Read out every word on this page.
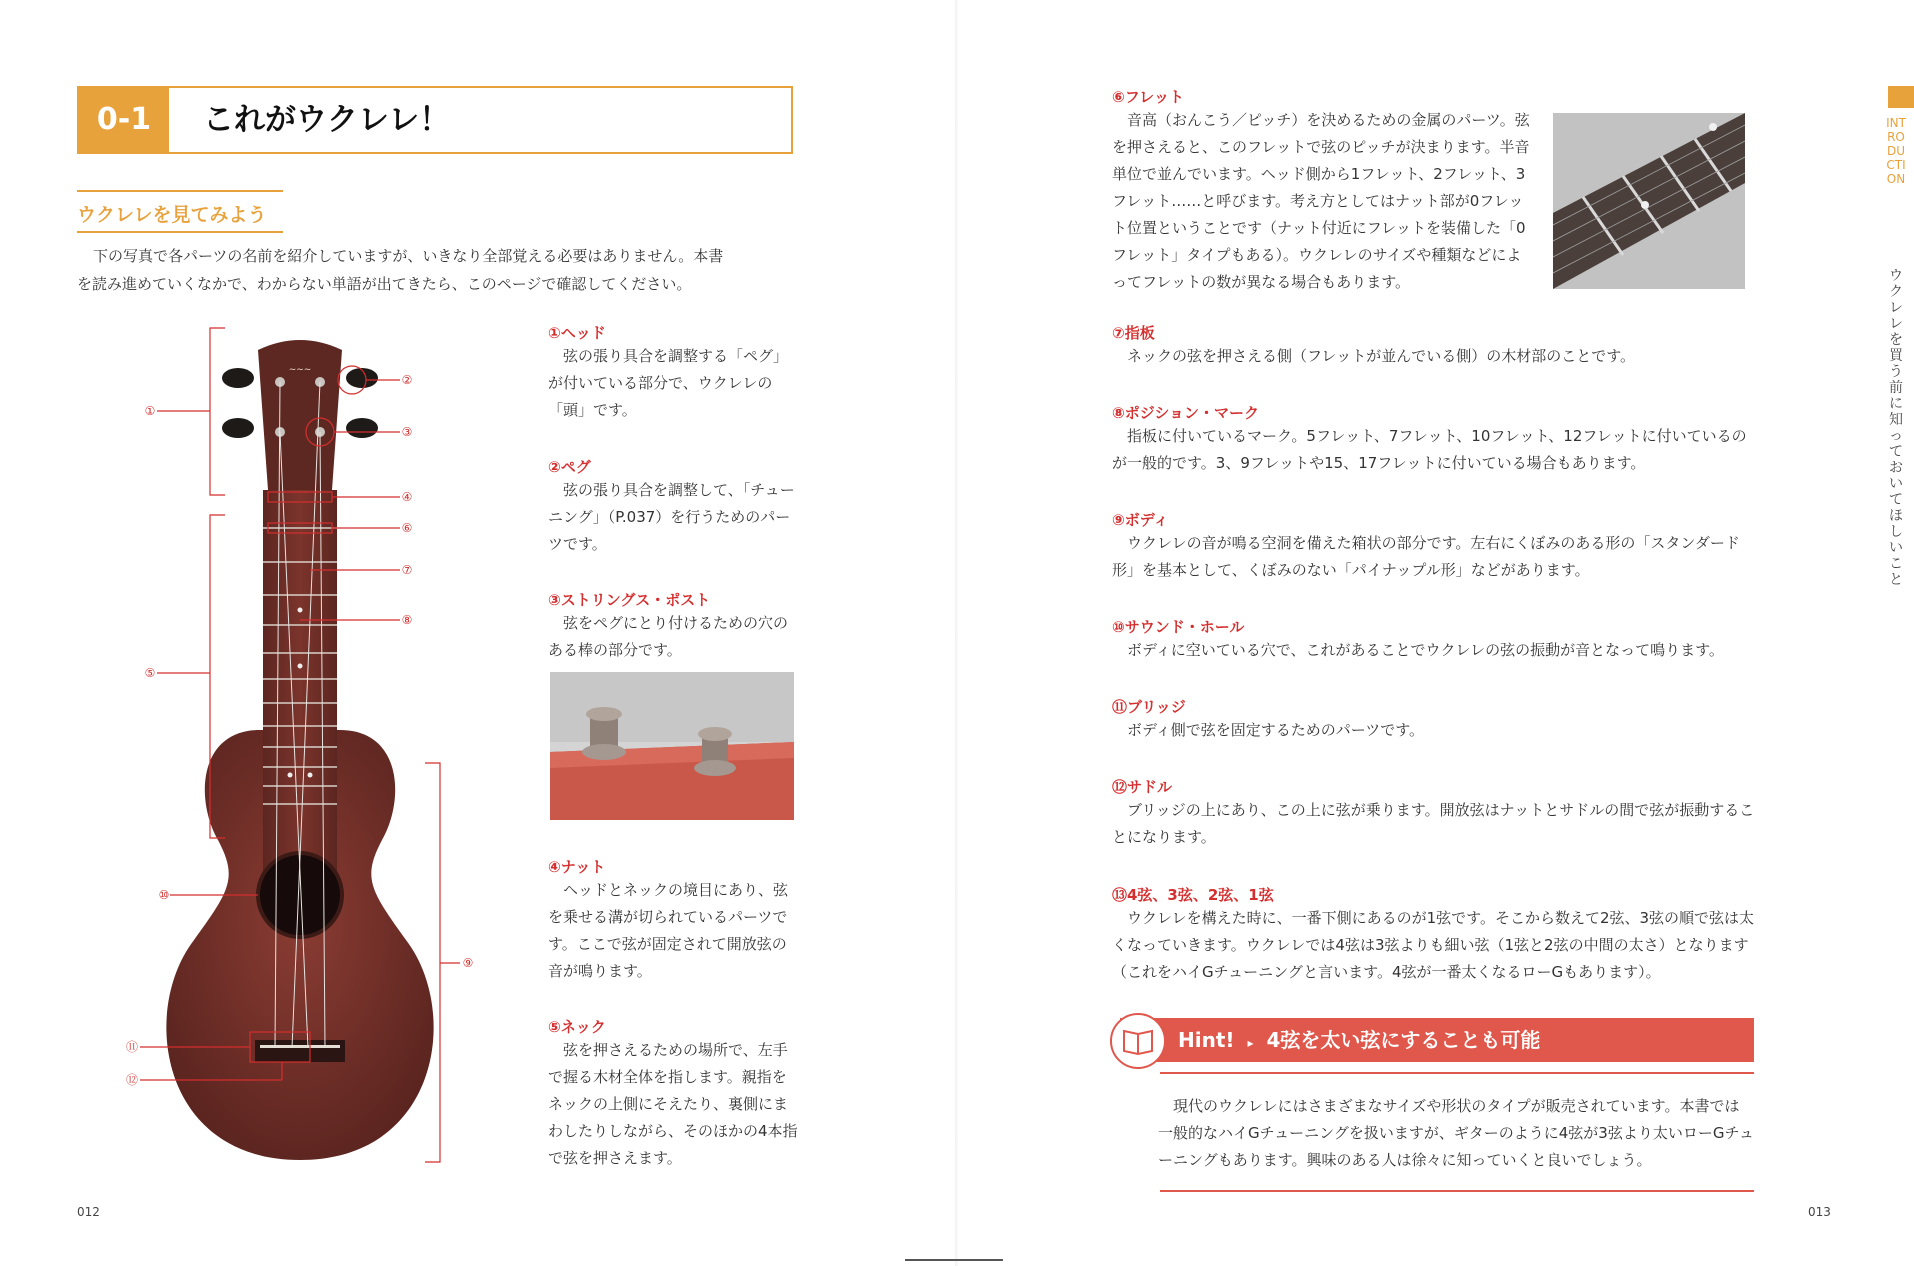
0-1	これがウクレレ！
ウクレレを見てみよう
下の写真で各パーツの名前を紹介していますが、いきなり全部覚える必要はありません。本書を読み進めていくなかで、わからない単語が出てきたら、このページで確認してください。
~~~
①
②
③
④
⑤
⑥
⑦
⑧
⑨
⑩
⑪
⑫
①ヘッド
弦の張り具合を調整する「ペグ」が付いている部分で、ウクレレの「頭」です。
②ペグ
弦の張り具合を調整して、「チューニング」（P.037）を行うためのパーツです。
③ストリングス・ポスト
弦をペグにとり付けるための穴のある棒の部分です。
④ナット
ヘッドとネックの境目にあり、弦を乗せる溝が切られているパーツです。ここで弦が固定されて開放弦の音が鳴ります。
⑤ネック
弦を押さえるための場所で、左手で握る木材全体を指します。親指をネックの上側にそえたり、裏側にまわしたりしながら、そのほかの4本指で弦を押さえます。
012
⑥フレット
音高（おんこう／ピッチ）を決めるための金属のパーツ。弦を押さえると、このフレットで弦のピッチが決まります。半音単位で並んでいます。ヘッド側から1フレット、2フレット、3フレット……と呼びます。考え方としてはナット部が0フレット位置ということです（ナット付近にフレットを装備した「0フレット」タイプもある）。ウクレレのサイズや種類などによってフレットの数が異なる場合もあります。
⑦指板
ネックの弦を押さえる側（フレットが並んでいる側）の木材部のことです。
⑧ポジション・マーク
指板に付いているマーク。5フレット、7フレット、10フレット、12フレットに付いているのが一般的です。3、9フレットや15、17フレットに付いている場合もあります。
⑨ボディ
ウクレレの音が鳴る空洞を備えた箱状の部分です。左右にくぼみのある形の「スタンダード形」を基本として、くぼみのない「パイナップル形」などがあります。
⑩サウンド・ホール
ボディに空いている穴で、これがあることでウクレレの弦の振動が音となって鳴ります。
⑪ブリッジ
ボディ側で弦を固定するためのパーツです。
⑫サドル
ブリッジの上にあり、この上に弦が乗ります。開放弦はナットとサドルの間で弦が振動することになります。
⑬4弦、3弦、2弦、1弦
ウクレレを構えた時に、一番下側にあるのが1弦です。そこから数えて2弦、3弦の順で弦は太くなっていきます。ウクレレでは4弦は3弦よりも細い弦（1弦と2弦の中間の太さ）となります（これをハイGチューニングと言います。4弦が一番太くなるローGもあります）。
Hint! ▸ 4弦を太い弦にすることも可能
現代のウクレレにはさまざまなサイズや形状のタイプが販売されています。本書では一般的なハイGチューニングを扱いますが、ギターのように4弦が3弦より太いローGチューニングもあります。興味のある人は徐々に知っていくと良いでしょう。
013
INTRODUCTION
ウクレレを買う前に知っておいてほしいこと
